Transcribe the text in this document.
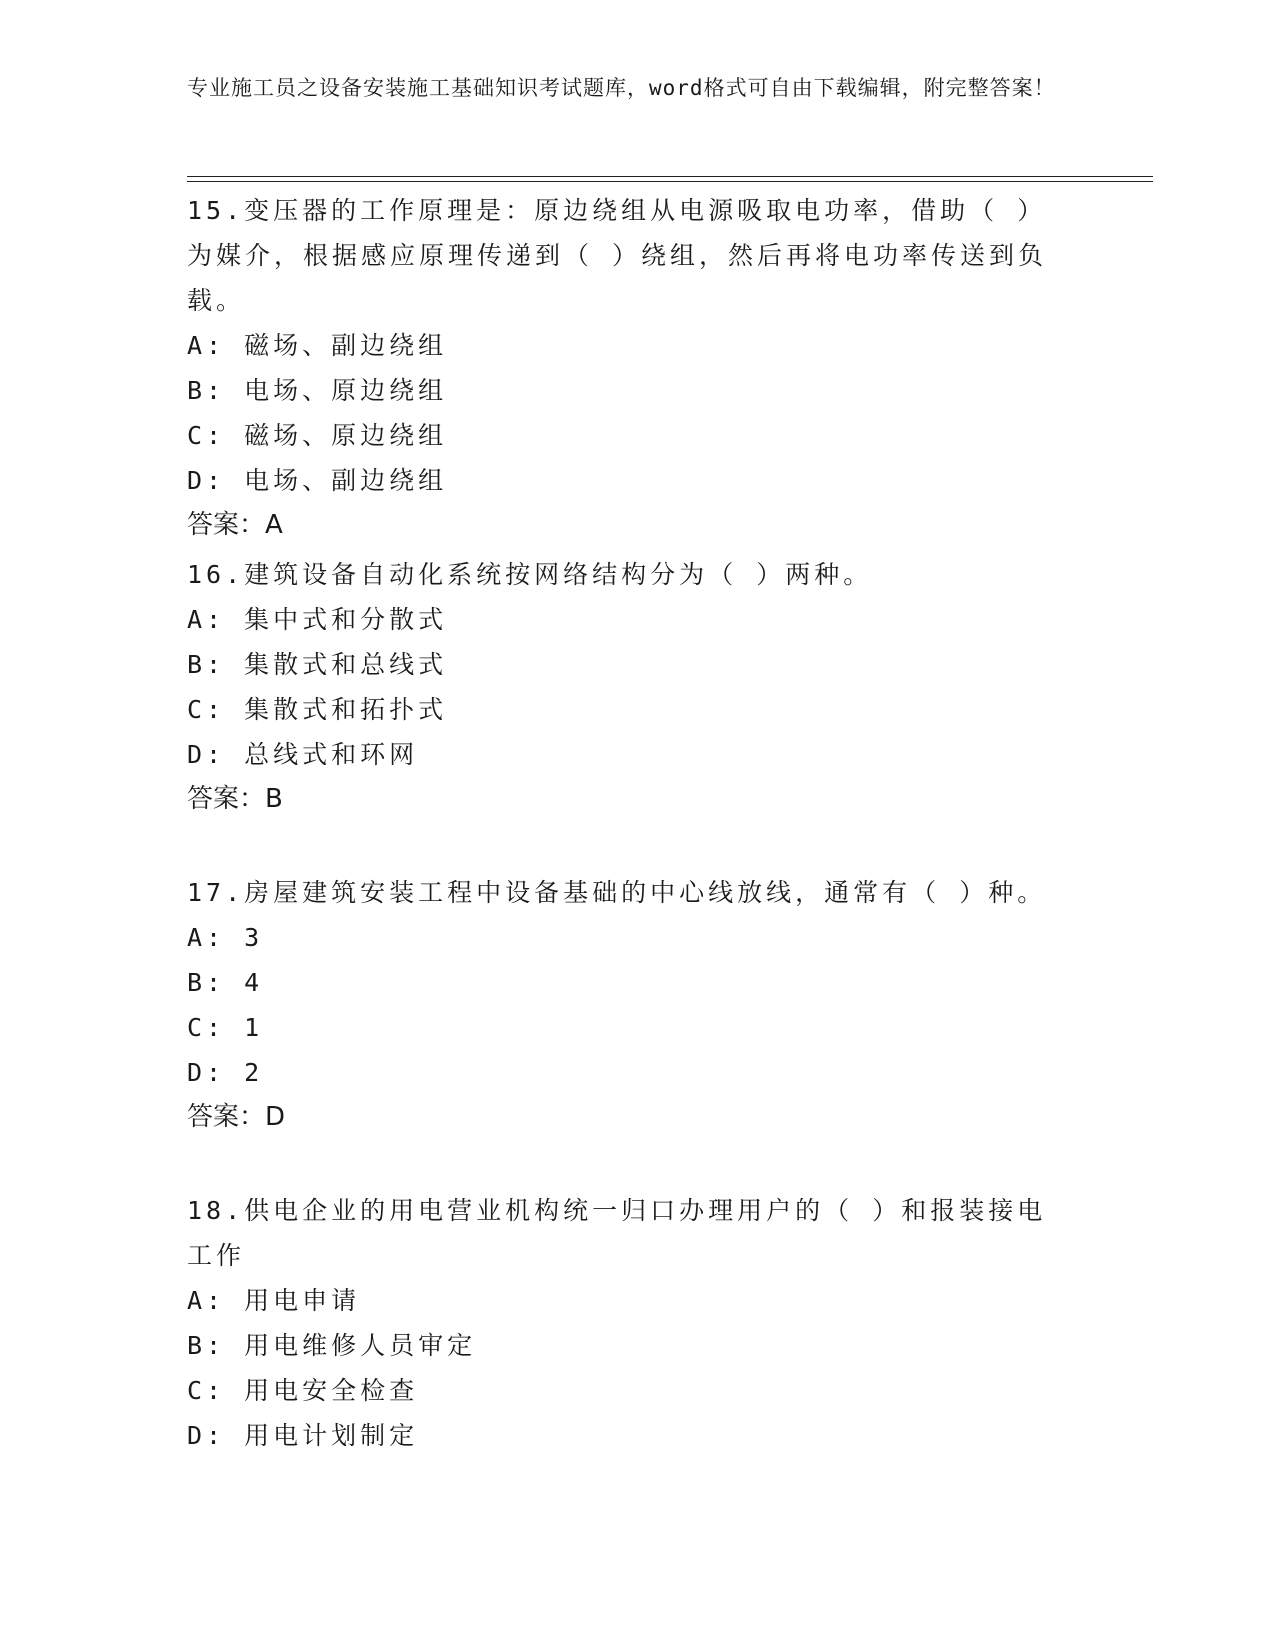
专业施工员之设备安装施工基础知识考试题库，word格式可自由下载编辑，附完整答案！

15.变压器的工作原理是：原边绕组从电源吸取电功率，借助（ ）为媒介，根据感应原理传递到（ ）绕组，然后再将电功率传送到负载。

A: 磁场、副边绕组

B: 电场、原边绕组

C: 磁场、原边绕组

D: 电场、副边绕组

答案：A

16.建筑设备自动化系统按网络结构分为（ ）两种。

A: 集中式和分散式

B: 集散式和总线式

C: 集散式和拓扑式

D: 总线式和环网

答案：B

17.房屋建筑安装工程中设备基础的中心线放线，通常有（ ）种。

A: 3

B: 4

C: 1

D: 2

答案：D

18.供电企业的用电营业机构统一归口办理用户的（ ）和报装接电工作

A: 用电申请

B: 用电维修人员审定

C: 用电安全检查

D: 用电计划制定
